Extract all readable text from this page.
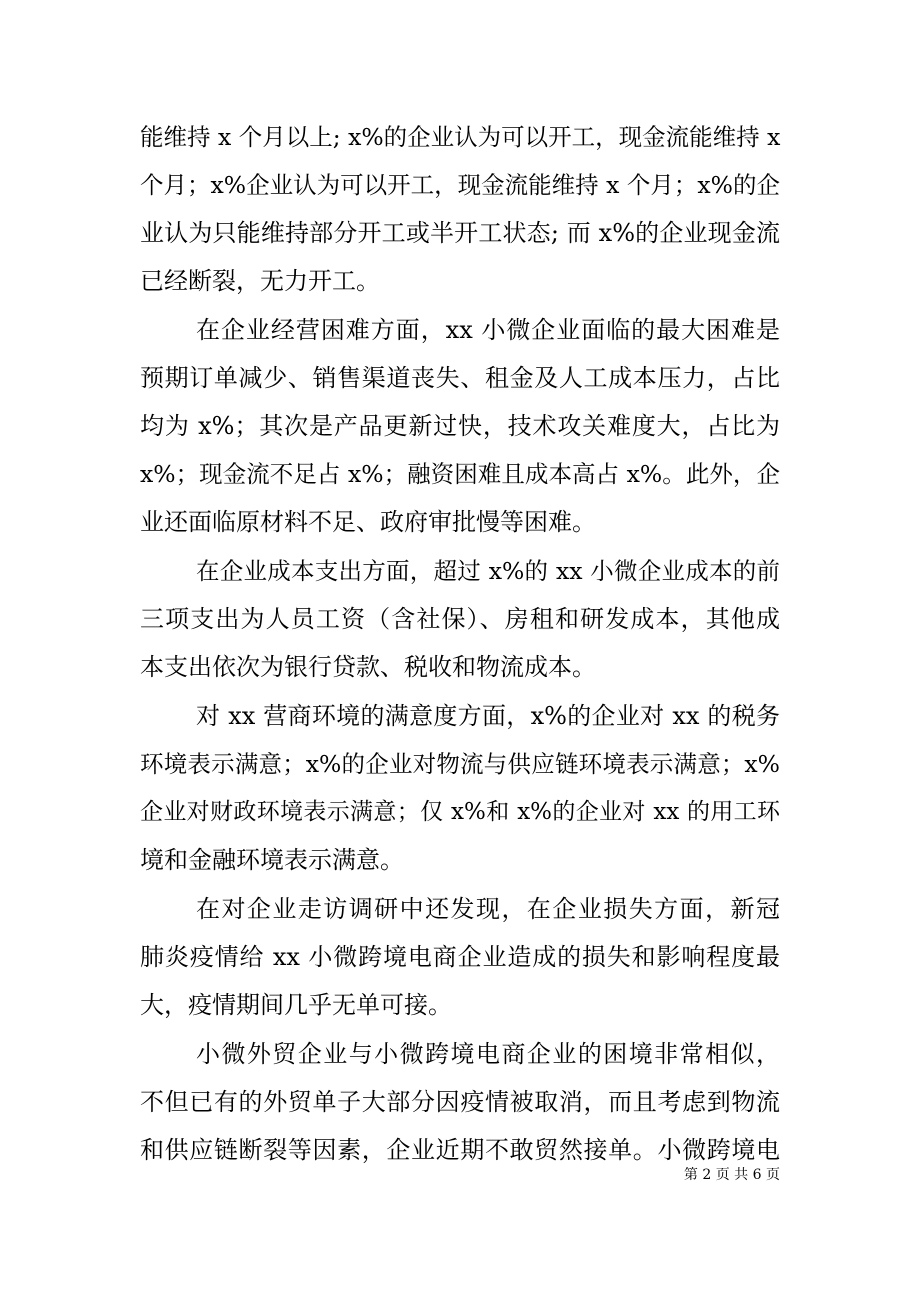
能维持 x 个月以上; x%的企业认为可以开工，现金流能维持 x
个月；x%企业认为可以开工，现金流能维持 x 个月；x%的企
业认为只能维持部分开工或半开工状态; 而 x%的企业现金流
已经断裂，无力开工。
在企业经营困难方面，xx 小微企业面临的最大困难是
预期订单减少、销售渠道丧失、租金及人工成本压力，占比
均为 x%；其次是产品更新过快，技术攻关难度大，占比为
x%；现金流不足占 x%；融资困难且成本高占 x%。此外，企
业还面临原材料不足、政府审批慢等困难。
在企业成本支出方面，超过 x%的 xx 小微企业成本的前
三项支出为人员工资（含社保）、房租和研发成本，其他成
本支出依次为银行贷款、税收和物流成本。
对 xx 营商环境的满意度方面，x%的企业对 xx 的税务
环境表示满意；x%的企业对物流与供应链环境表示满意；x%
企业对财政环境表示满意；仅 x%和 x%的企业对 xx 的用工环
境和金融环境表示满意。
在对企业走访调研中还发现，在企业损失方面，新冠
肺炎疫情给 xx 小微跨境电商企业造成的损失和影响程度最
大，疫情期间几乎无单可接。
小微外贸企业与小微跨境电商企业的困境非常相似，
不但已有的外贸单子大部分因疫情被取消，而且考虑到物流
和供应链断裂等因素，企业近期不敢贸然接单。小微跨境电
第 2 页 共 6 页
